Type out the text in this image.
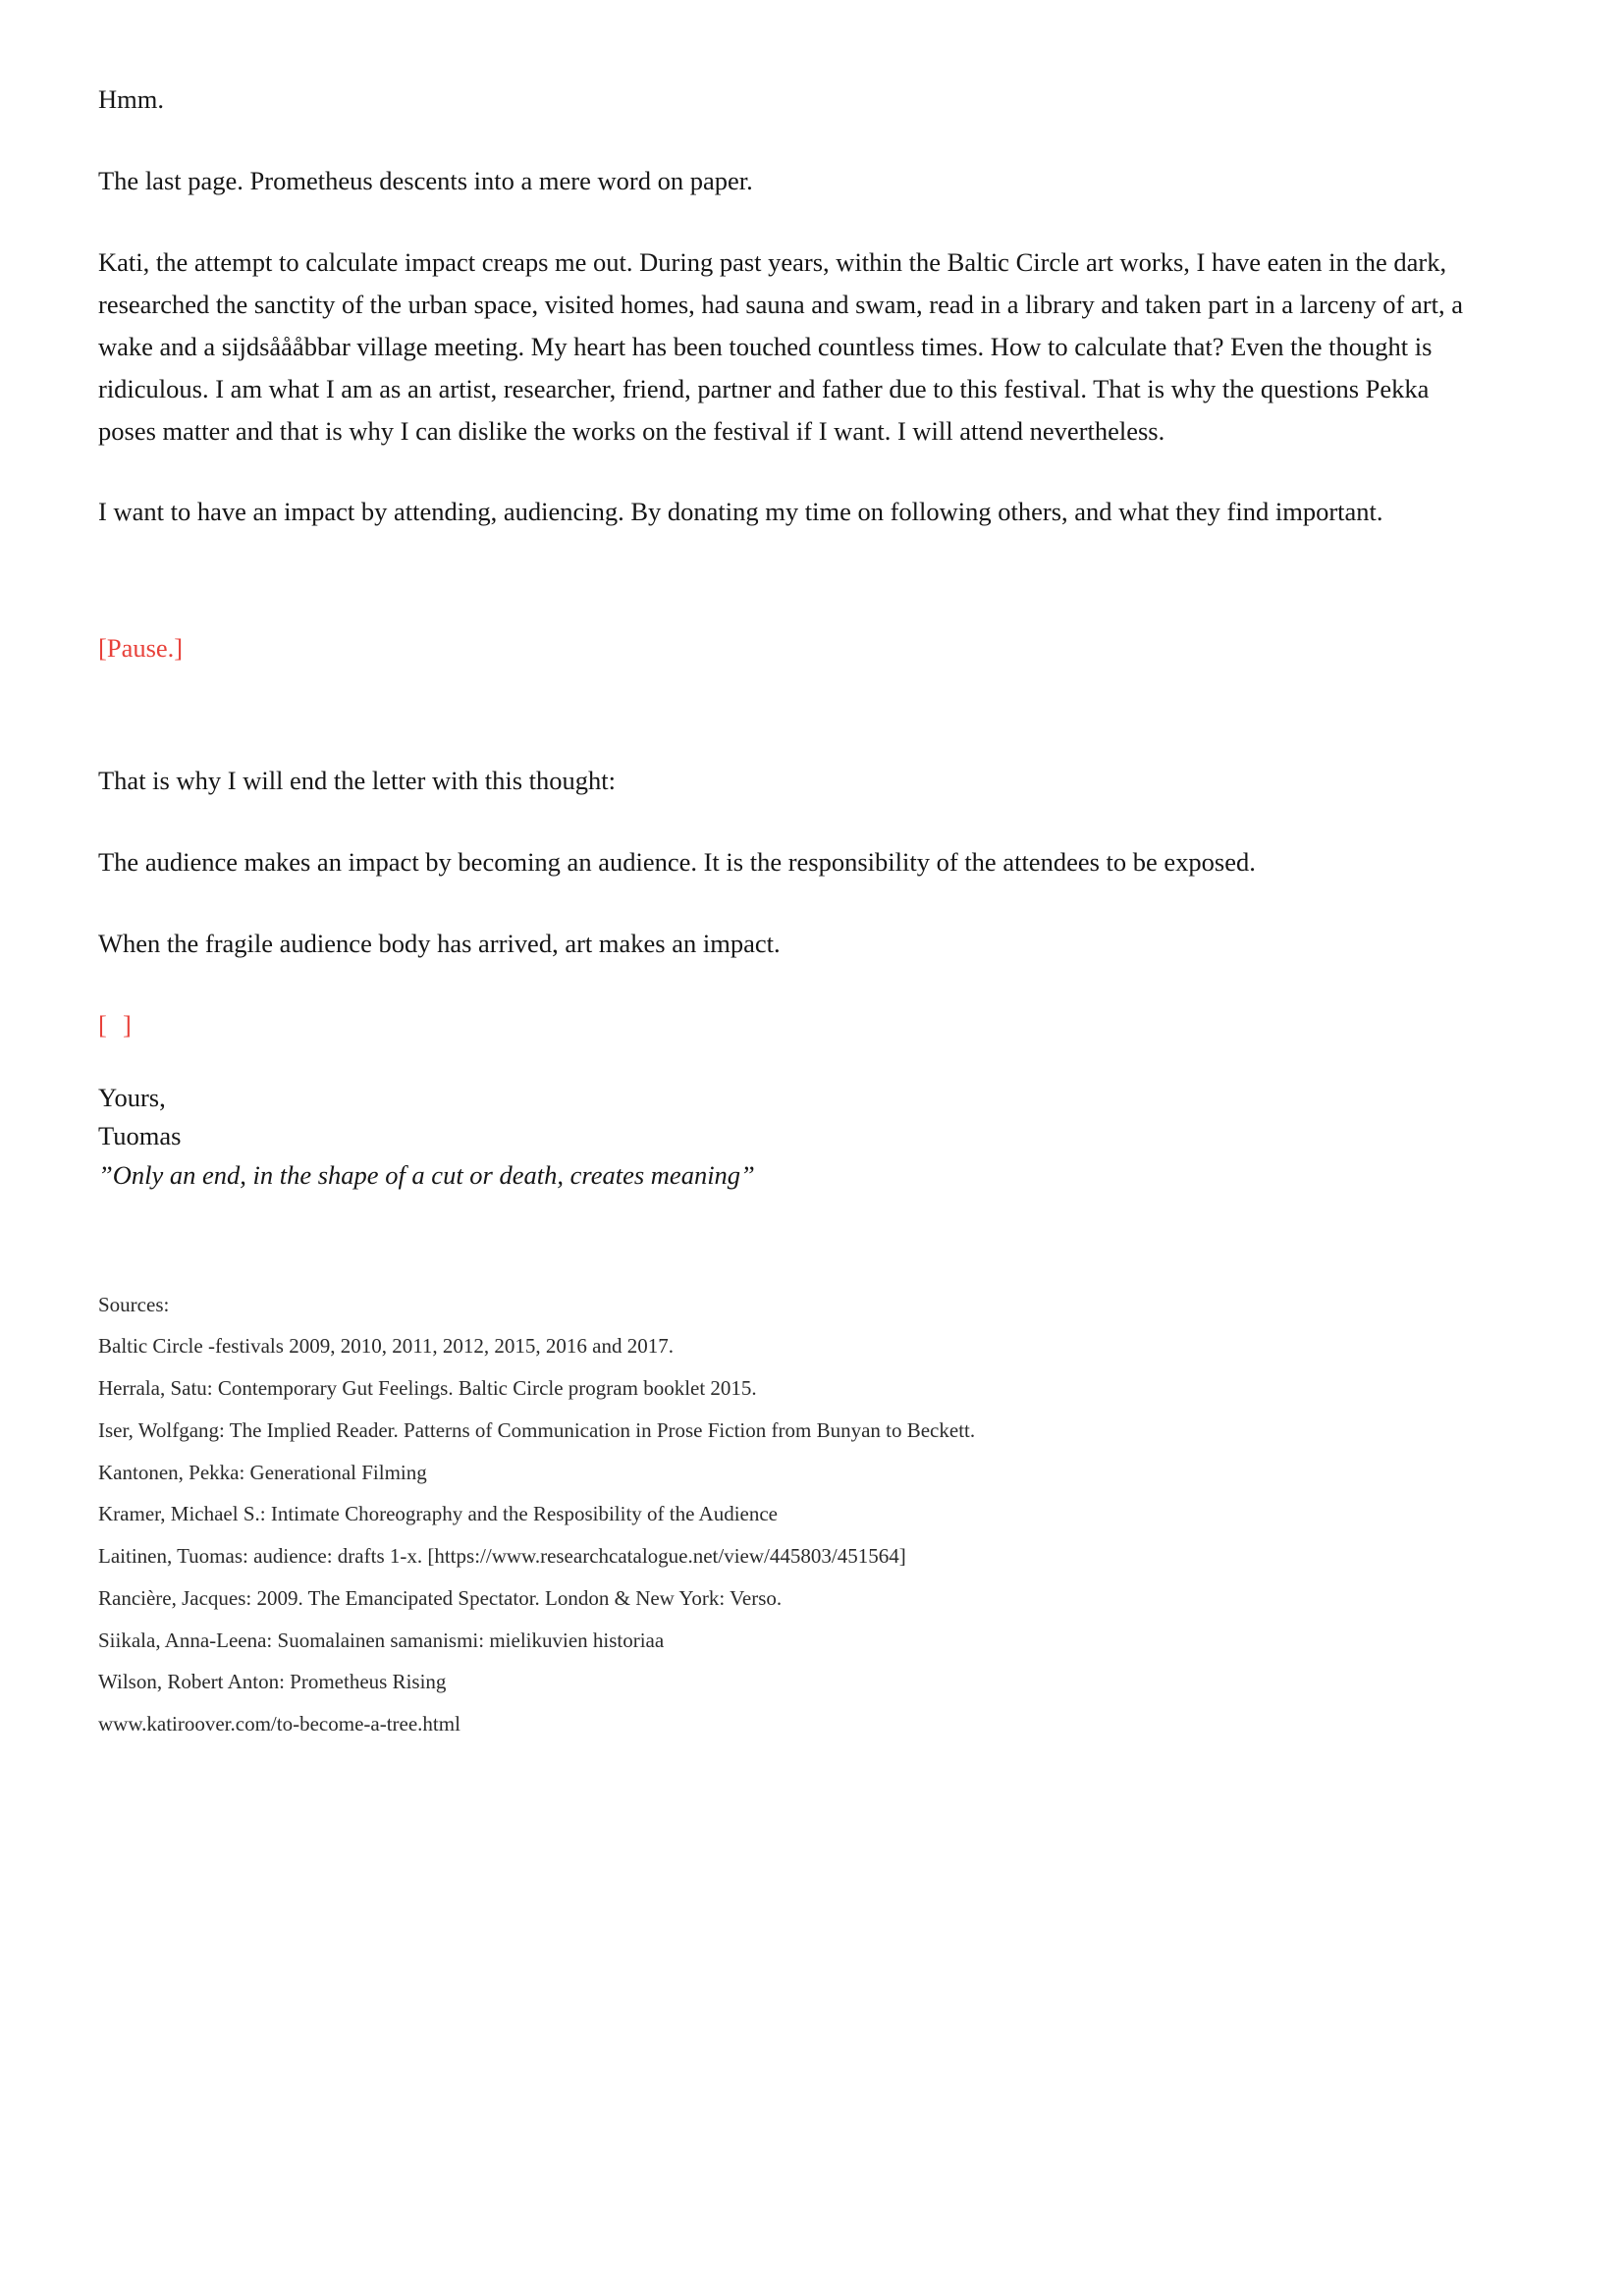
Hmm.

The last page. Prometheus descents into a mere word on paper.

Kati, the attempt to calculate impact creaps me out. During past years, within the Baltic Circle art works, I have eaten in the dark, researched the sanctity of the urban space, visited homes, had sauna and swam, read in a library and taken part in a larceny of art, a wake and a sijdsåååbbar village meeting. My heart has been touched countless times. How to calculate that? Even the thought is ridiculous. I am what I am as an artist, researcher, friend, partner and father due to this festival. That is why the questions Pekka poses matter and that is why I can dislike the works on the festival if I want. I will attend nevertheless.

I want to have an impact by attending, audiencing. By donating my time on following others, and what they find important.

[Pause.]

That is why I will end the letter with this thought:

The audience makes an impact by becoming an audience. It is the responsibility of the attendees to be exposed.

When the fragile audience body has arrived, art makes an impact.

[ ]

Yours,
Tuomas
”Only an end, in the shape of a cut or death, creates meaning”

Sources:

Baltic Circle -festivals 2009, 2010, 2011, 2012, 2015, 2016 and 2017.

Herrala, Satu: Contemporary Gut Feelings. Baltic Circle program booklet 2015.

Iser, Wolfgang: The Implied Reader. Patterns of Communication in Prose Fiction from Bunyan to Beckett.

Kantonen, Pekka: Generational Filming

Kramer, Michael S.: Intimate Choreography and the Resposibility of the Audience

Laitinen, Tuomas: audience: drafts 1-x. [https://www.researchcatalogue.net/view/445803/451564]

Rancière, Jacques: 2009. The Emancipated Spectator. London & New York: Verso.

Siikala, Anna-Leena: Suomalainen samanismi: mielikuvien historiaa

Wilson, Robert Anton: Prometheus Rising

www.katiroover.com/to-become-a-tree.html
